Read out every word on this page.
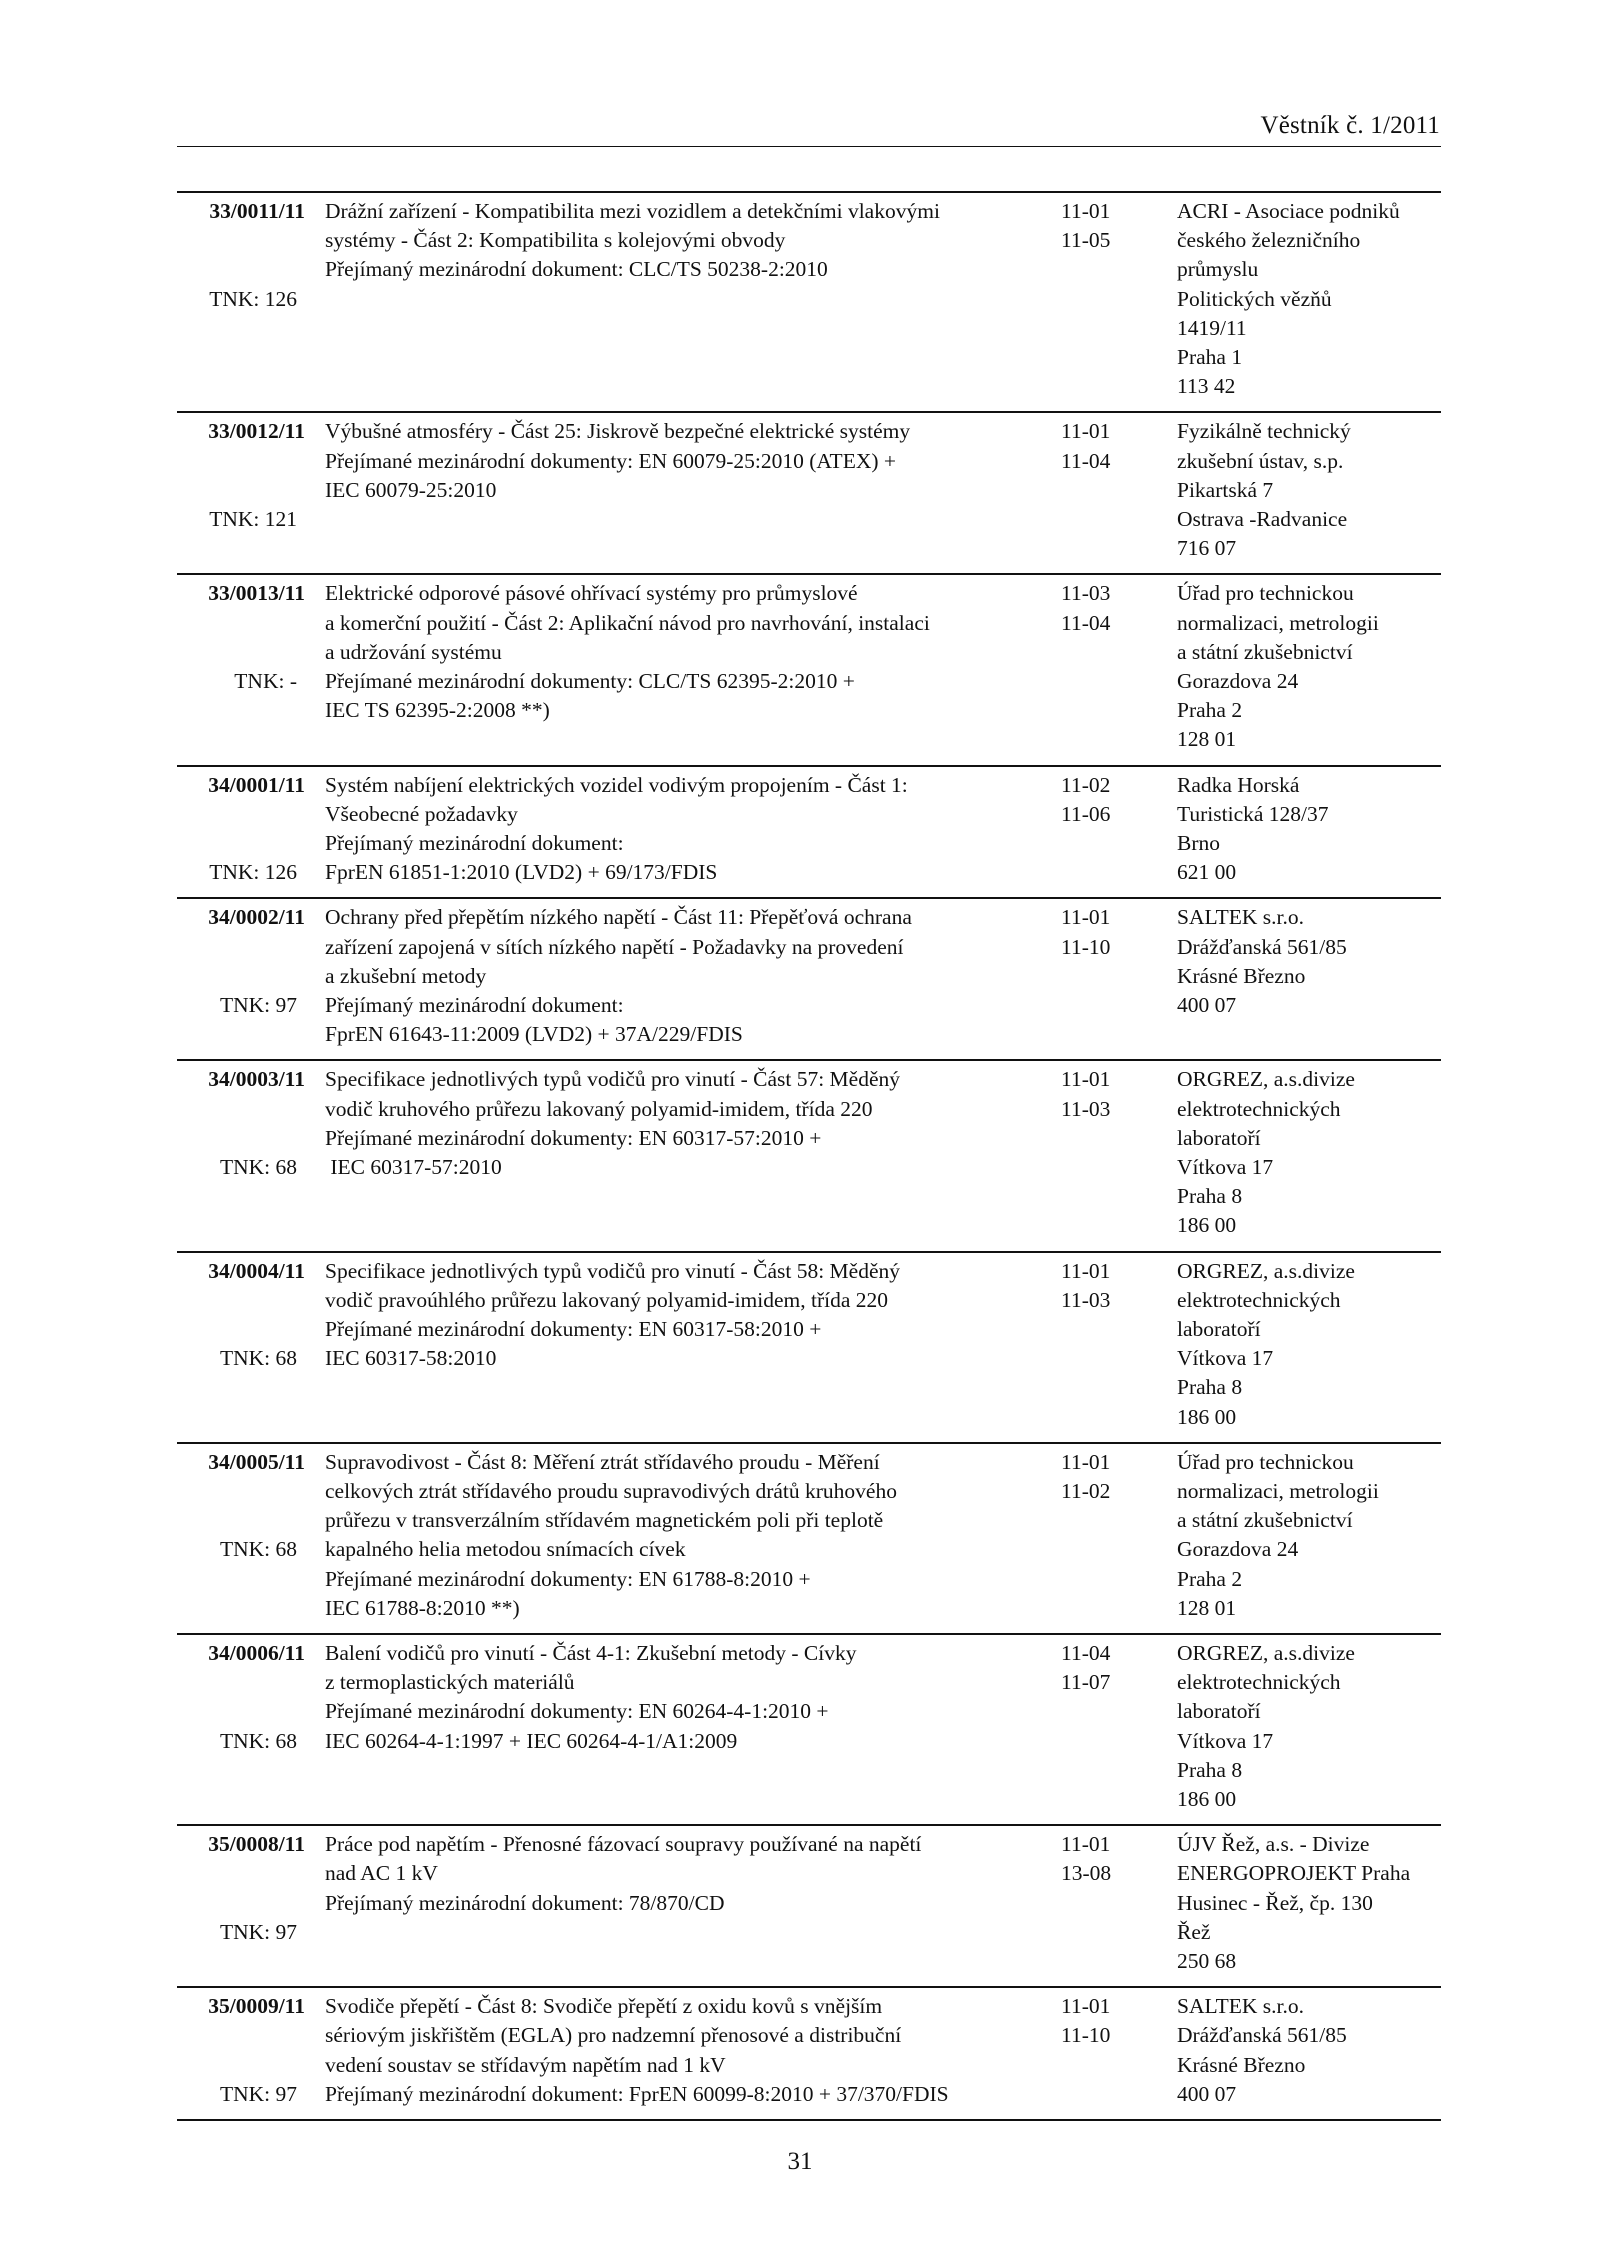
Věstník č. 1/2011
33/0011/11
TNK: 126
Drážní zařízení - Kompatibilita mezi vozidlem a detekčními vlakovými
systémy - Část 2: Kompatibilita s kolejovými obvody
Přejímaný mezinárodní dokument: CLC/TS 50238-2:2010
11-01
11-05
ACRI - Asociace podniků
českého železničního
průmyslu
Politických vězňů
1419/11
Praha 1
113 42
33/0012/11
TNK: 121
Výbušné atmosféry - Část 25: Jiskrově bezpečné elektrické systémy
Přejímané mezinárodní dokumenty: EN 60079-25:2010 (ATEX) +
IEC 60079-25:2010
11-01
11-04
Fyzikálně technický
zkušební ústav, s.p.
Pikartská 7
Ostrava -Radvanice
716 07
33/0013/11
TNK: -
Elektrické odporové pásové ohřívací systémy pro průmyslové
a komerční použití - Část 2: Aplikační návod pro navrhování, instalaci
a udržování systému
Přejímané mezinárodní dokumenty: CLC/TS 62395-2:2010 +
IEC TS 62395-2:2008 **)
11-03
11-04
Úřad pro technickou
normalizaci, metrologii
a státní zkušebnictví
Gorazdova 24
Praha 2
128 01
34/0001/11
TNK: 126
Systém nabíjení elektrických vozidel vodivým propojením - Část 1:
Všeobecné požadavky
Přejímaný mezinárodní dokument:
FprEN 61851-1:2010 (LVD2) + 69/173/FDIS
11-02
11-06
Radka Horská
Turistická 128/37
Brno
621 00
34/0002/11
TNK: 97
Ochrany před přepětím nízkého napětí - Část 11: Přepěťová ochrana
zařízení zapojená v sítích nízkého napětí - Požadavky na provedení
a zkušební metody
Přejímaný mezinárodní dokument:
FprEN 61643-11:2009 (LVD2) + 37A/229/FDIS
11-01
11-10
SALTEK s.r.o.
Drážďanská 561/85
Krásné Březno
400 07
34/0003/11
TNK: 68
Specifikace jednotlivých typů vodičů pro vinutí - Část 57: Měděný
vodič kruhového průřezu lakovaný polyamid-imidem, třída 220
Přejímané mezinárodní dokumenty: EN 60317-57:2010 +
IEC 60317-57:2010
11-01
11-03
ORGREZ, a.s.divize
elektrotechnických
laboratoří
Vítkova 17
Praha 8
186 00
34/0004/11
TNK: 68
Specifikace jednotlivých typů vodičů pro vinutí - Část 58: Měděný
vodič pravoúhlého průřezu lakovaný polyamid-imidem, třída 220
Přejímané mezinárodní dokumenty: EN 60317-58:2010 +
IEC 60317-58:2010
11-01
11-03
ORGREZ, a.s.divize
elektrotechnických
laboratoří
Vítkova 17
Praha 8
186 00
34/0005/11
TNK: 68
Supravodivost - Část 8: Měření ztrát střídavého proudu - Měření
celkových ztrát střídavého proudu supravodivých drátů kruhového
průřezu v transverzálním střídavém magnetickém poli při teplotě
kapalného helia metodou snímacích cívek
Přejímané mezinárodní dokumenty: EN 61788-8:2010 +
IEC 61788-8:2010 **)
11-01
11-02
Úřad pro technickou
normalizaci, metrologii
a státní zkušebnictví
Gorazdova 24
Praha 2
128 01
34/0006/11
TNK: 68
Balení vodičů pro vinutí - Část 4-1: Zkušební metody - Cívky
z termoplastických materiálů
Přejímané mezinárodní dokumenty: EN 60264-4-1:2010 +
IEC 60264-4-1:1997 + IEC 60264-4-1/A1:2009
11-04
11-07
ORGREZ, a.s.divize
elektrotechnických
laboratoří
Vítkova 17
Praha 8
186 00
35/0008/11
TNK: 97
Práce pod napětím - Přenosné fázovací soupravy používané na napětí
nad AC 1 kV
Přejímaný mezinárodní dokument: 78/870/CD
11-01
13-08
ÚJV Řež, a.s. - Divize
ENERGOPROJEKT Praha
Husinec - Řež, čp. 130
Řež
250 68
35/0009/11
TNK: 97
Svodiče přepětí - Část 8: Svodiče přepětí z oxidu kovů s vnějším
sériovým jiskřištěm (EGLA) pro nadzemní přenosové a distribuční
vedení soustav se střídavým napětím nad 1 kV
Přejímaný mezinárodní dokument: FprEN 60099-8:2010 + 37/370/FDIS
11-01
11-10
SALTEK s.r.o.
Drážďanská 561/85
Krásné Březno
400 07
31
